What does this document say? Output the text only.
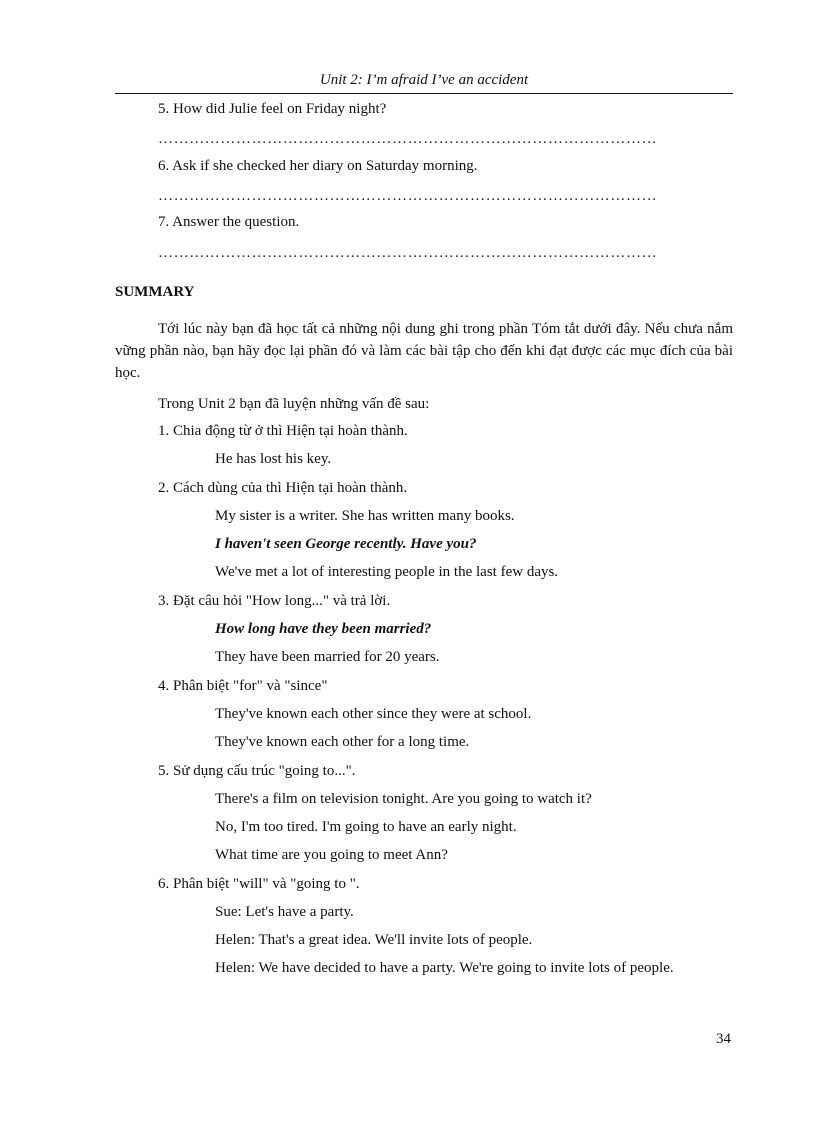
Unit 2: I’m afraid I’ve an accident
5. How did Julie feel on Friday night?
……………………………………………………………………………………
6. Ask if she checked her diary on Saturday morning.
……………………………………………………………………………………
7. Answer the question.
……………………………………………………………………………………
SUMMARY
Tới lúc này bạn đã học tất cả những nội dung ghi trong phần Tóm tắt dưới đây. Nếu chưa nắm vững phần nào, bạn hãy đọc lại phần đó và làm các bài tập cho đến khi đạt được các mục đích của bài học.
Trong Unit 2 bạn đã luyện những vấn đề sau:
1. Chia động từ ở thì Hiện tại hoàn thành.
He has lost his key.
2. Cách dùng của thì Hiện tại hoàn thành.
My sister is a writer. She has written many books.
I haven't seen George recently. Have you?
We've met a lot of interesting people in the last few days.
3. Đặt câu hỏi "How long..." và trả lời.
How long have they been married?
They have been married for 20 years.
4. Phân biệt "for" và "since"
They've known each other since they were at school.
They've known each other for a long time.
5. Sử dụng cấu trúc "going to...".
There's a film on television tonight. Are you going to watch it?
No, I'm too tired. I'm going to have an early night.
What time are you going to meet Ann?
6. Phân biệt "will" và "going to ".
Sue: Let's have a party.
Helen: That's a great idea. We'll invite lots of people.
Helen: We have decided to have a party. We're going to invite lots of people.
34
